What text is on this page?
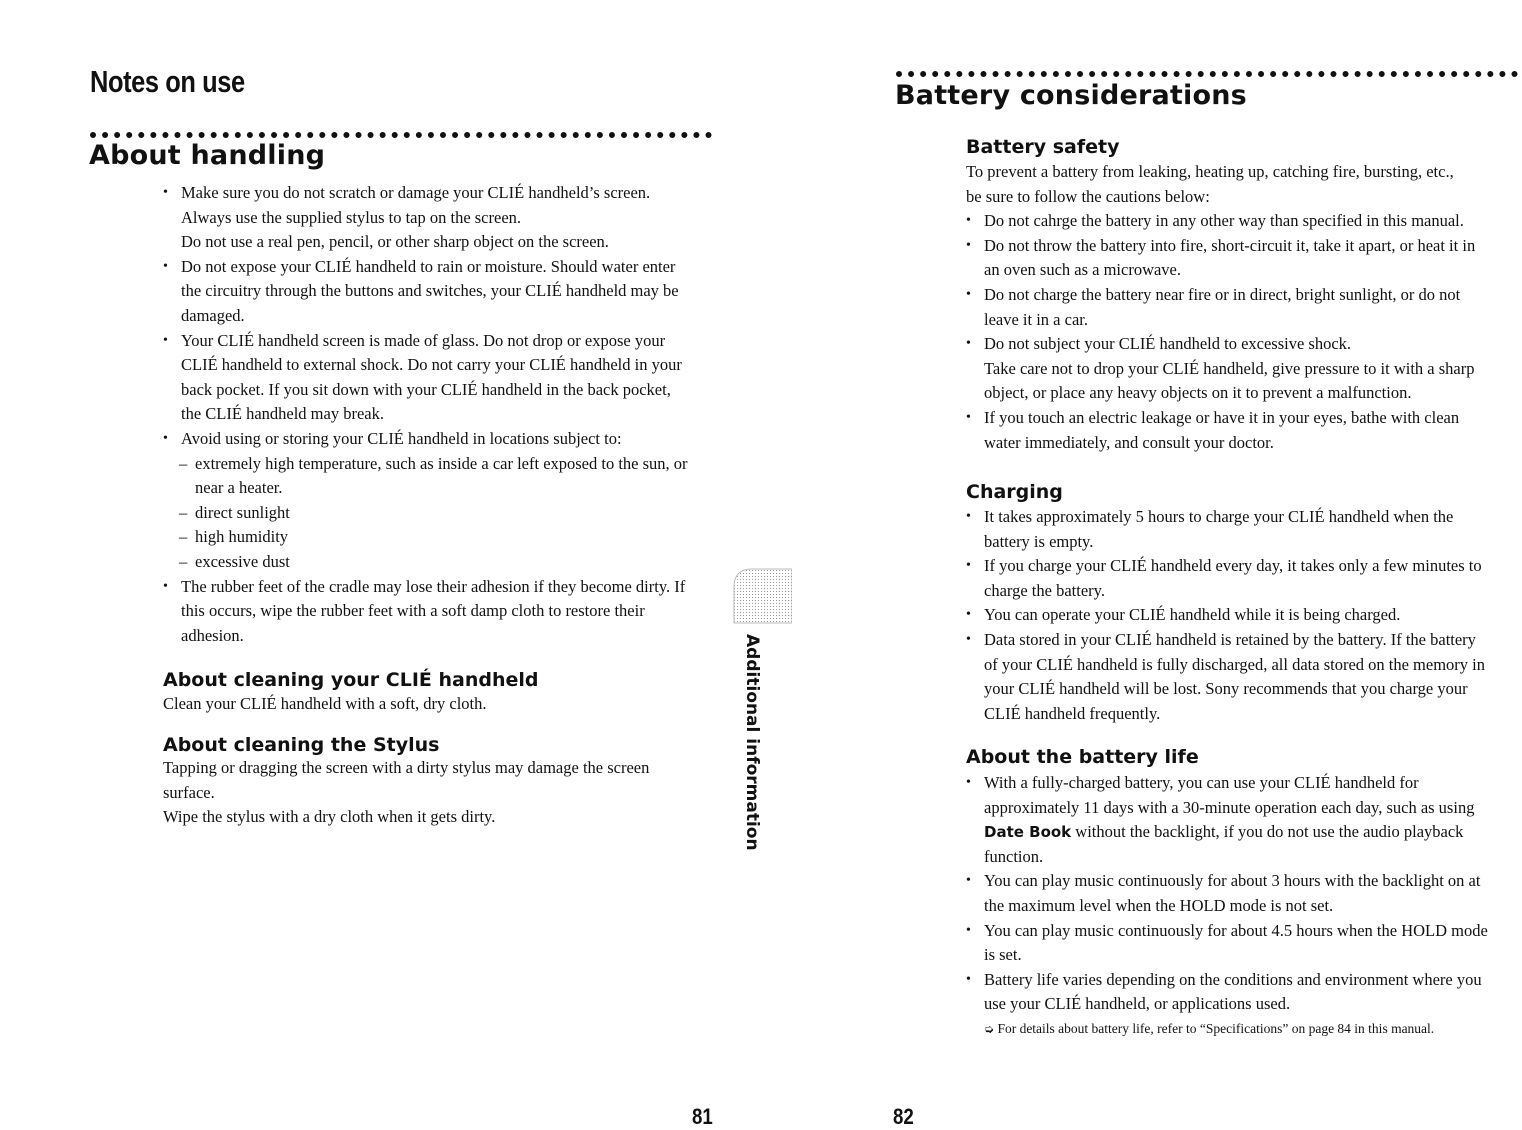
Notes on use
About handling
• Make sure you do not scratch or damage your CLIÉ handheld’s screen.
Always use the supplied stylus to tap on the screen.
Do not use a real pen, pencil, or other sharp object on the screen.
• Do not expose your CLIÉ handheld to rain or moisture. Should water enter
the circuitry through the buttons and switches, your CLIÉ handheld may be
damaged.
• Your CLIÉ handheld screen is made of glass. Do not drop or expose your
CLIÉ handheld to external shock. Do not carry your CLIÉ handheld in your
back pocket. If you sit down with your CLIÉ handheld in the back pocket,
the CLIÉ handheld may break.
• Avoid using or storing your CLIÉ handheld in locations subject to:
– extremely high temperature, such as inside a car left exposed to the sun, or
near a heater.
– direct sunlight
– high humidity
– excessive dust
• The rubber feet of the cradle may lose their adhesion if they become dirty. If
this occurs, wipe the rubber feet with a soft damp cloth to restore their
adhesion.
About cleaning your CLIÉ handheld
Clean your CLIÉ handheld with a soft, dry cloth.
About cleaning the Stylus
Tapping or dragging the screen with a dirty stylus may damage the screen
surface.
Wipe the stylus with a dry cloth when it gets dirty.	Additional information
81
Battery considerations
Battery safety
To prevent a battery from leaking, heating up, catching fire, bursting, etc.,
be sure to follow the cautions below:
• Do not cahrge the battery in any other way than specified in this manual.
• Do not throw the battery into fire, short-circuit it, take it apart, or heat it in
an oven such as a microwave.
• Do not charge the battery near fire or in direct, bright sunlight, or do not
leave it in a car.
• Do not subject your CLIÉ handheld to excessive shock.
Take care not to drop your CLIÉ handheld, give pressure to it with a sharp
object, or place any heavy objects on it to prevent a malfunction.
• If you touch an electric leakage or have it in your eyes, bathe with clean
water immediately, and consult your doctor.
Charging
• It takes approximately 5 hours to charge your CLIÉ handheld when the
battery is empty.
• If you charge your CLIÉ handheld every day, it takes only a few minutes to
charge the battery.
• You can operate your CLIÉ handheld while it is being charged.
• Data stored in your CLIÉ handheld is retained by the battery. If the battery
of your CLIÉ handheld is fully discharged, all data stored on the memory in
your CLIÉ handheld will be lost. Sony recommends that you charge your
CLIÉ handheld frequently.
About the battery life
• With a fully-charged battery, you can use your CLIÉ handheld for
approximately 11 days with a 30-minute operation each day, such as using
Date Book without the backlight, if you do not use the audio playback
function.
• You can play music continuously for about 3 hours with the backlight on at
the maximum level when the HOLD mode is not set.
• You can play music continuously for about 4.5 hours when the HOLD mode
is set.
• Battery life varies depending on the conditions and environment where you
use your CLIÉ handheld, or applications used.
➭ For details about battery life, refer to “Specifications” on page 84 in this manual.
82
